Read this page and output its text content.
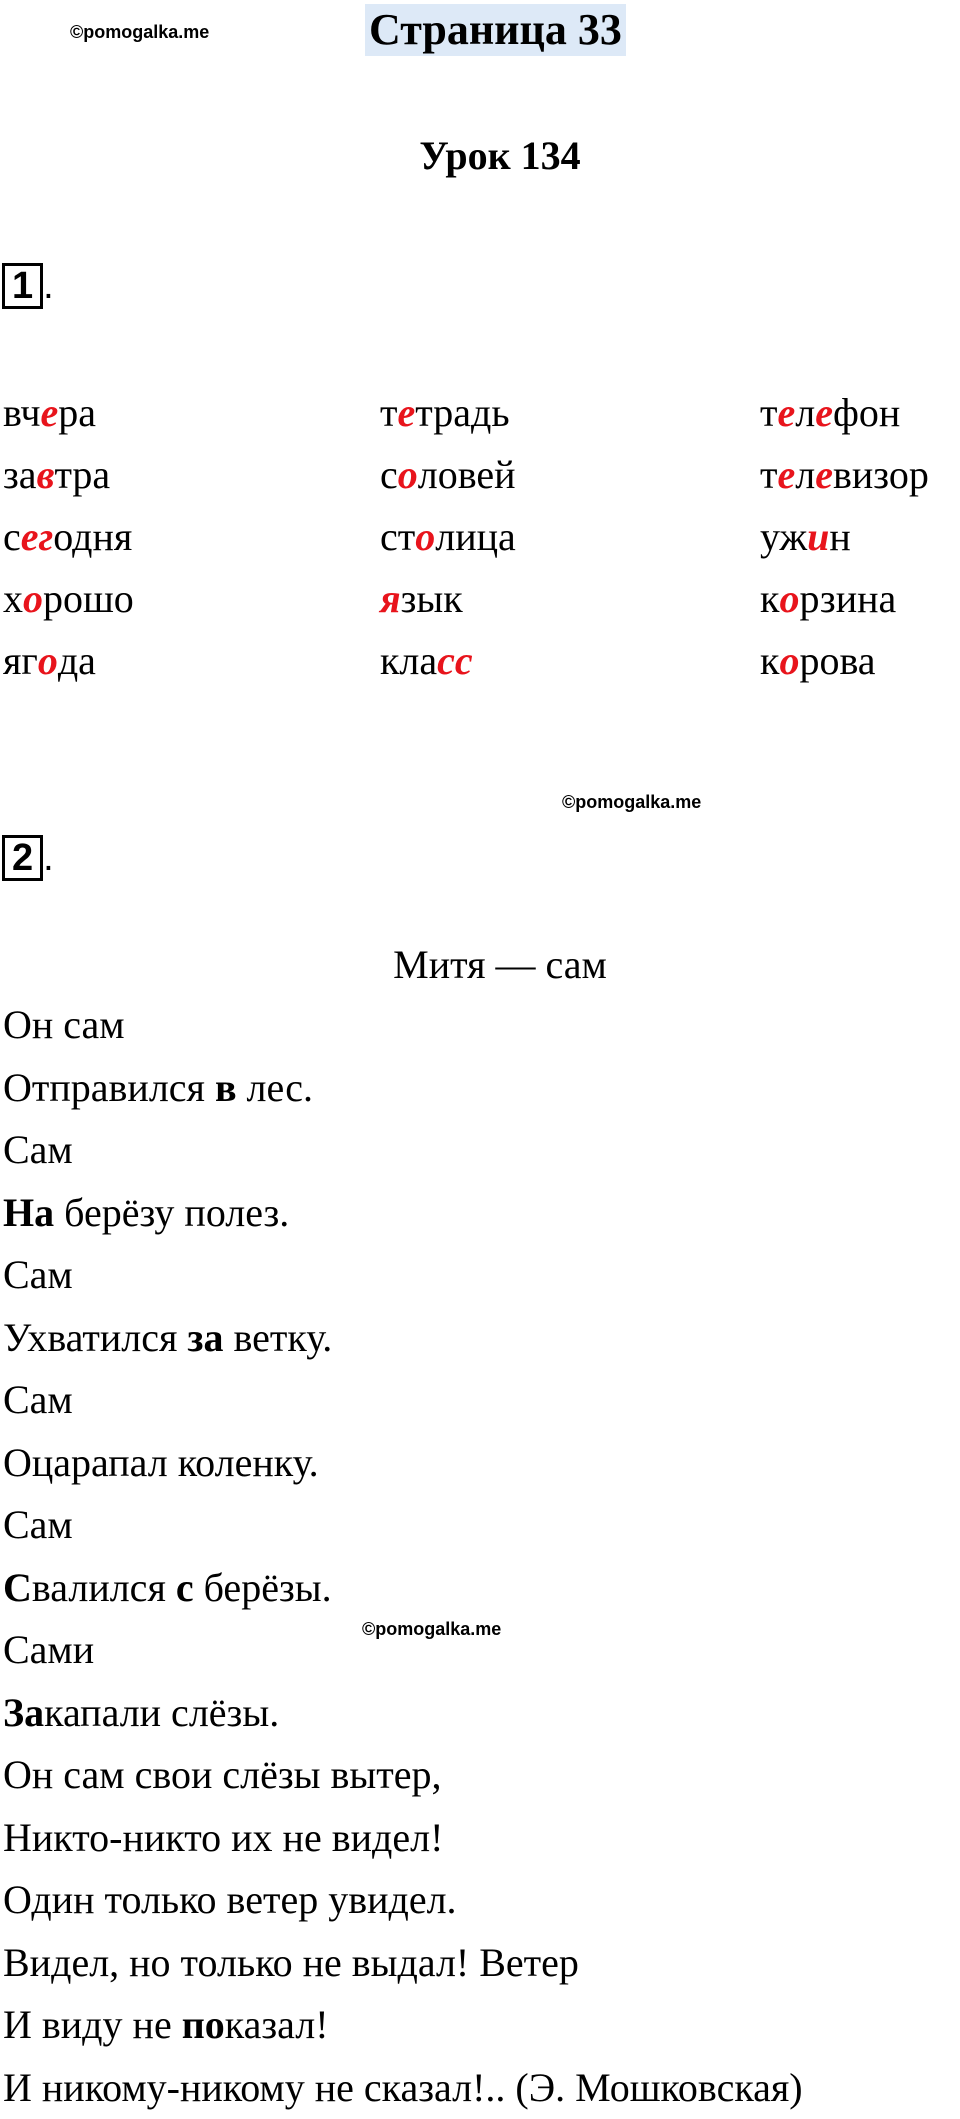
©pomogalka.me	Страница 33
Урок 134
1 .
вчера
завтра
сегодня
хорошо
ягода
тетрадь
соловей
столица
язык
класс
телефон
телевизор
ужин
корзина
корова
©pomogalka.me
2 .
Митя — сам
Он сам
Отправился в лес.
Сам
На берёзу полез.
Сам
Ухватился за ветку.
Сам
Оцарапал коленку.
Сам
Свалился с берёзы.
Сами
Закапали слёзы.
Он сам свои слёзы вытер,
Никто-никто их не видел!
Один только ветер увидел.
Видел, но только не выдал! Ветер
И виду не показал!
И никому-никому не сказал!.. (Э. Мошковская)
©pomogalka.me
